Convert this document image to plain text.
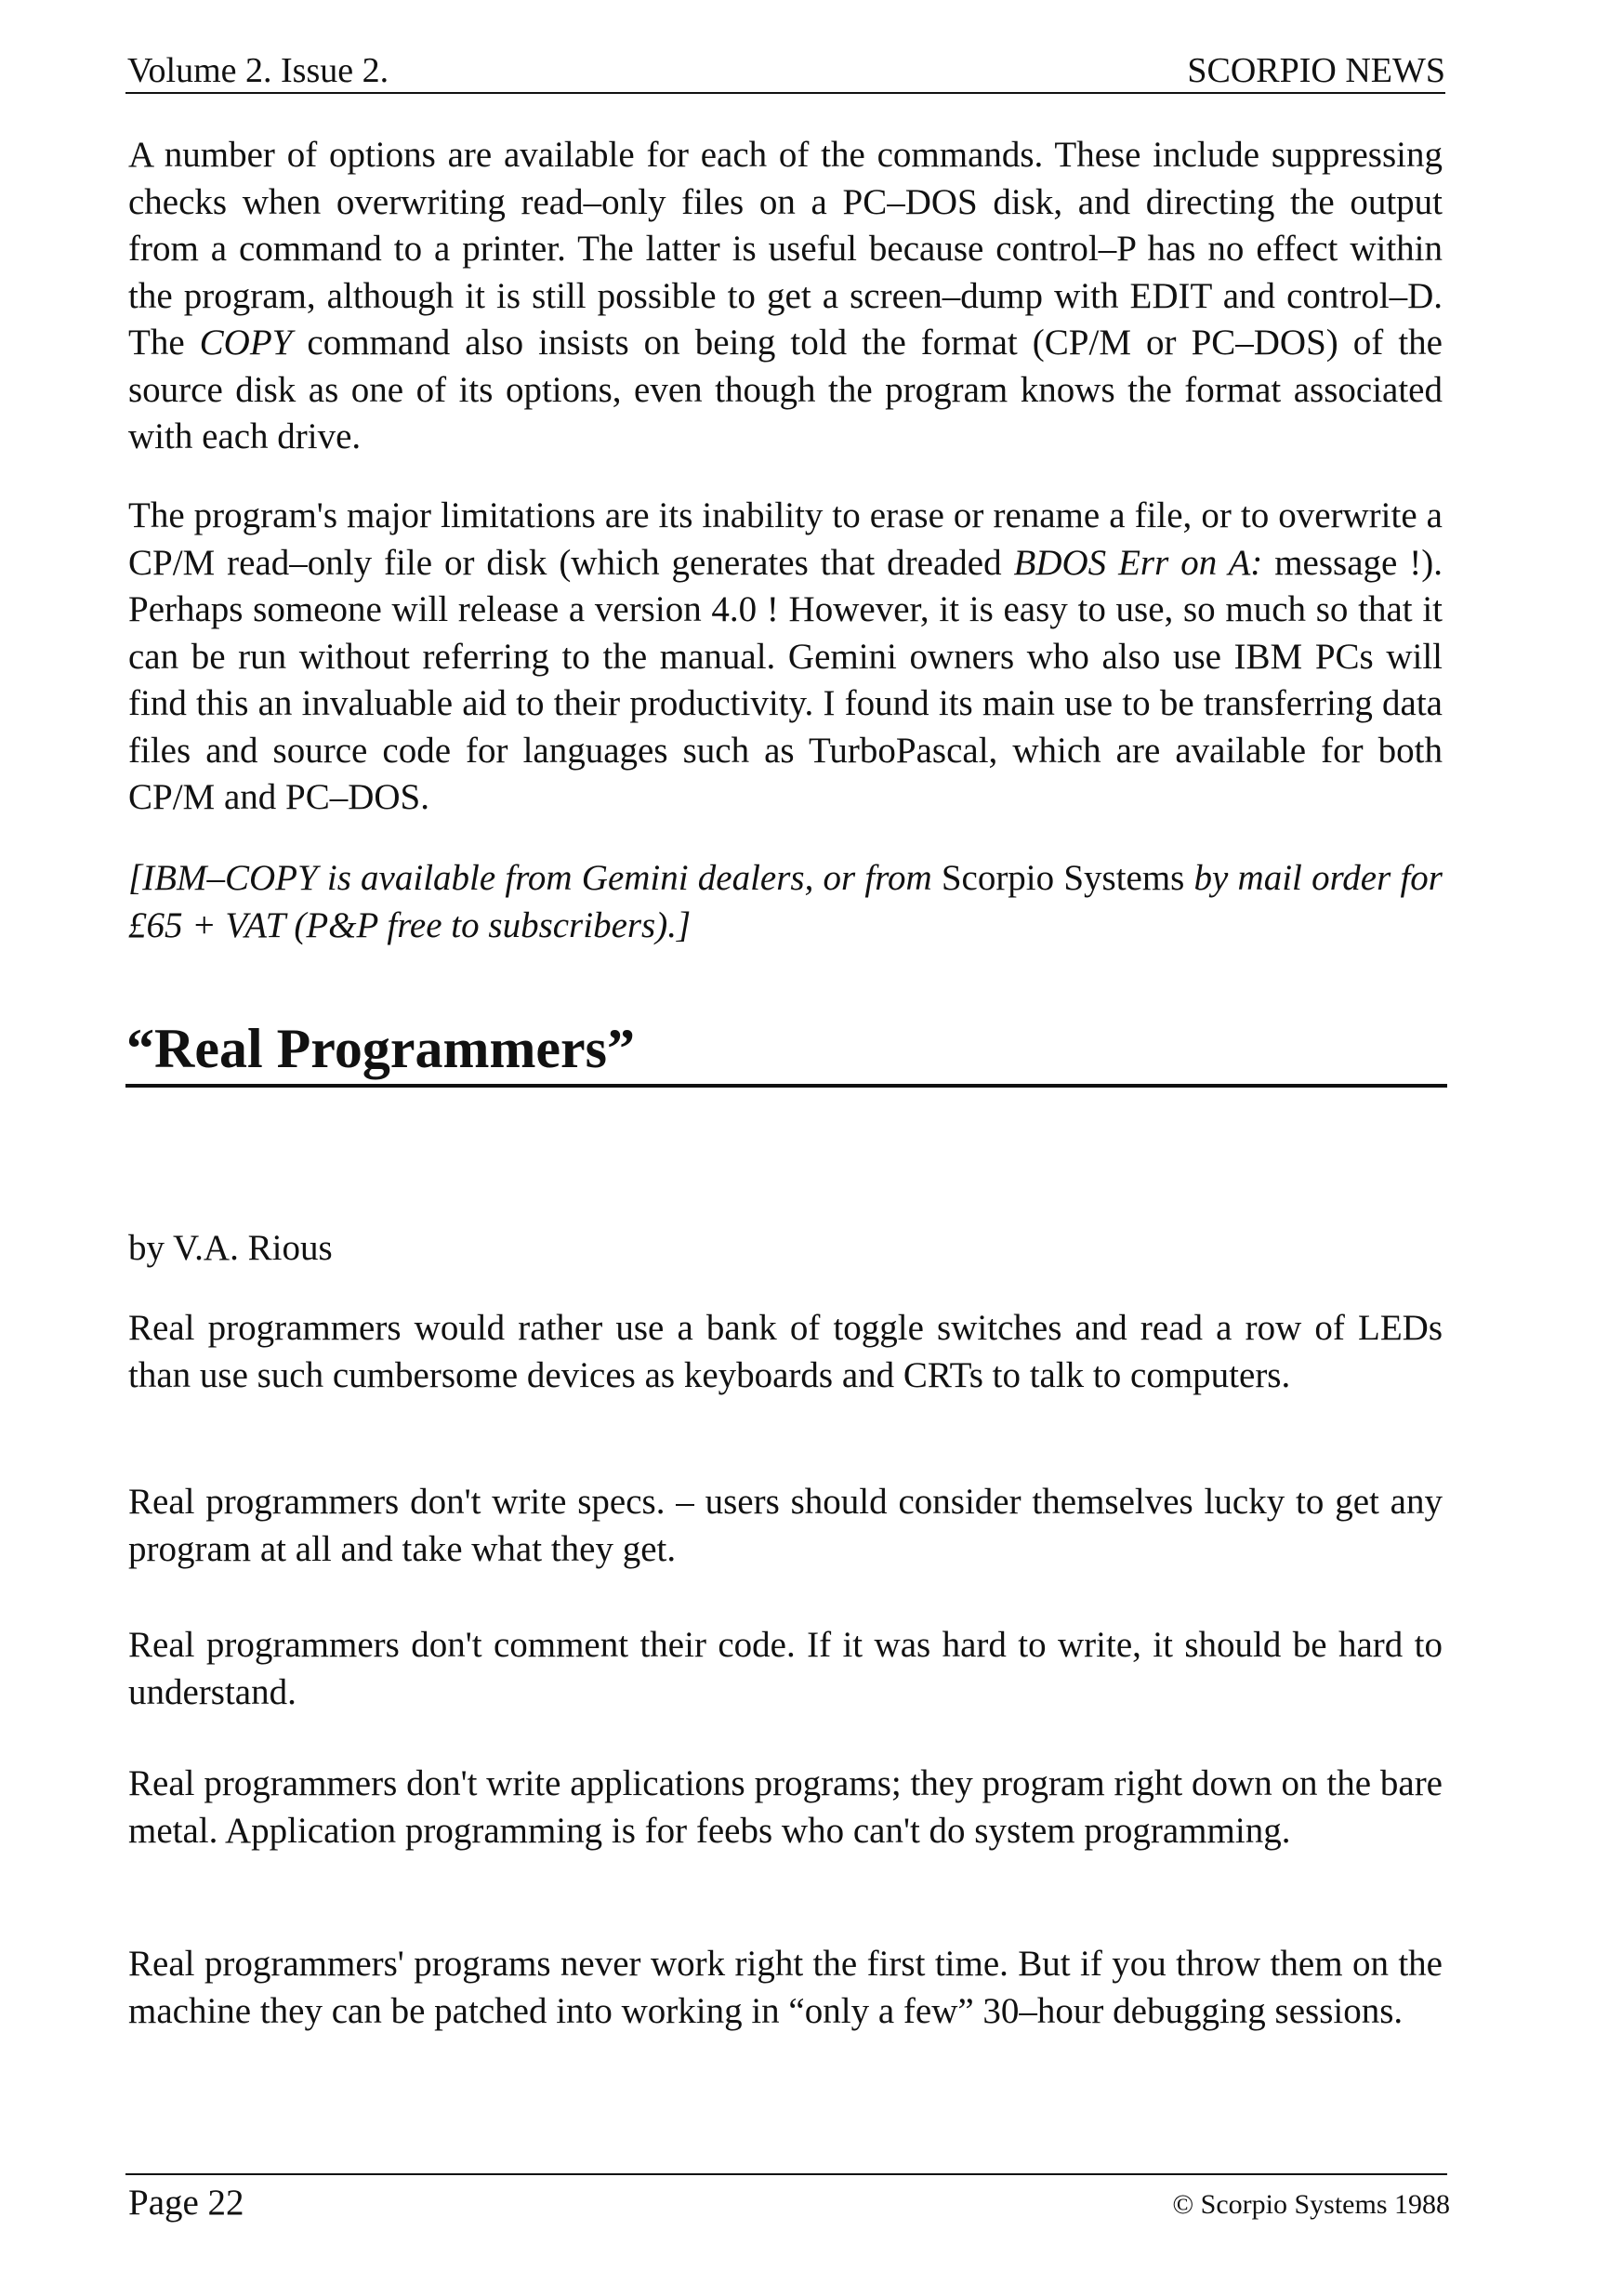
Volume 2. Issue 2.	SCORPIO NEWS

A number of options are available for each of the commands. These include suppressing checks when overwriting read–only files on a PC–DOS disk, and directing the output from a command to a printer. The latter is useful because control–P has no effect within the program, although it is still possible to get a screen–dump with EDIT and control–D. The COPY command also insists on being told the format (CP/M or PC–DOS) of the source disk as one of its options, even though the program knows the format associated with each drive.

The program's major limitations are its inability to erase or rename a file, or to overwrite a CP/M read–only file or disk (which generates that dreaded BDOS Err on A: message !). Perhaps someone will release a version 4.0 ! However, it is easy to use, so much so that it can be run without referring to the manual. Gemini owners who also use IBM PCs will find this an invaluable aid to their productivity. I found its main use to be transferring data files and source code for languages such as TurboPascal, which are available for both CP/M and PC–DOS.

[IBM–COPY is available from Gemini dealers, or from Scorpio Systems by mail order for £65 + VAT (P&P free to subscribers).]

“Real Programmers”

by V.A. Rious

Real programmers would rather use a bank of toggle switches and read a row of LEDs than use such cumbersome devices as keyboards and CRTs to talk to computers.

Real programmers don't write specs. – users should consider themselves lucky to get any program at all and take what they get.

Real programmers don't comment their code. If it was hard to write, it should be hard to understand.

Real programmers don't write applications programs; they program right down on the bare metal. Application programming is for feebs who can't do system programming.

Real programmers' programs never work right the first time. But if you throw them on the machine they can be patched into working in “only a few” 30–hour debugging sessions.

Page 22	© Scorpio Systems 1988
